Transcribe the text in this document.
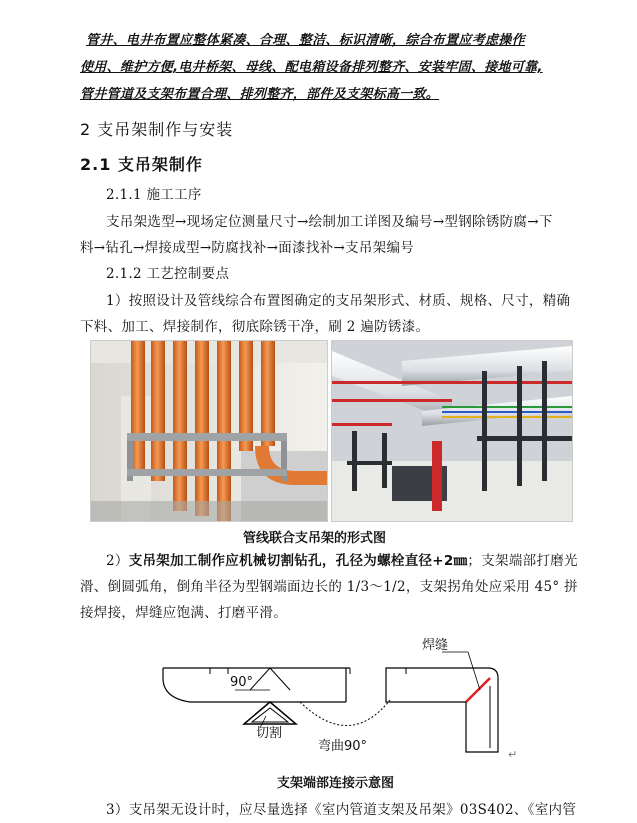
管井、电井布置应整体紧凑、合理、整洁、标识清晰，综合布置应考虑操作
使用、维护方便,电井桥架、母线、配电箱设备排列整齐、安装牢固、接地可靠,
管井管道及支架布置合理、排列整齐，部件及支架标高一致。
2 支吊架制作与安装
2.1 支吊架制作
2.1.1 施工工序
支吊架选型→现场定位测量尺寸→绘制加工详图及编号→型钢除锈防腐→下
料→钻孔→焊接成型→防腐找补→面漆找补→支吊架编号
2.1.2 工艺控制要点
1）按照设计及管线综合布置图确定的支吊架形式、材质、规格、尺寸，精确
下料、加工、焊接制作，彻底除锈干净，刷 2 遍防锈漆。
管线联合支吊架的形式图
2）支吊架加工制作应机械切割钻孔，孔径为螺栓直径+2㎜；支架端部打磨光
滑、倒圆弧角，倒角半径为型钢端面边长的 1/3～1/2，支架拐角处应采用 45° 拼
接焊接，焊缝应饱满、打磨平滑。
90°
切割
弯曲90°
焊缝
↵
支架端部连接示意图
3）支吊架无设计时，应尽量选择《室内管道支架及吊架》03S402、《室内管
